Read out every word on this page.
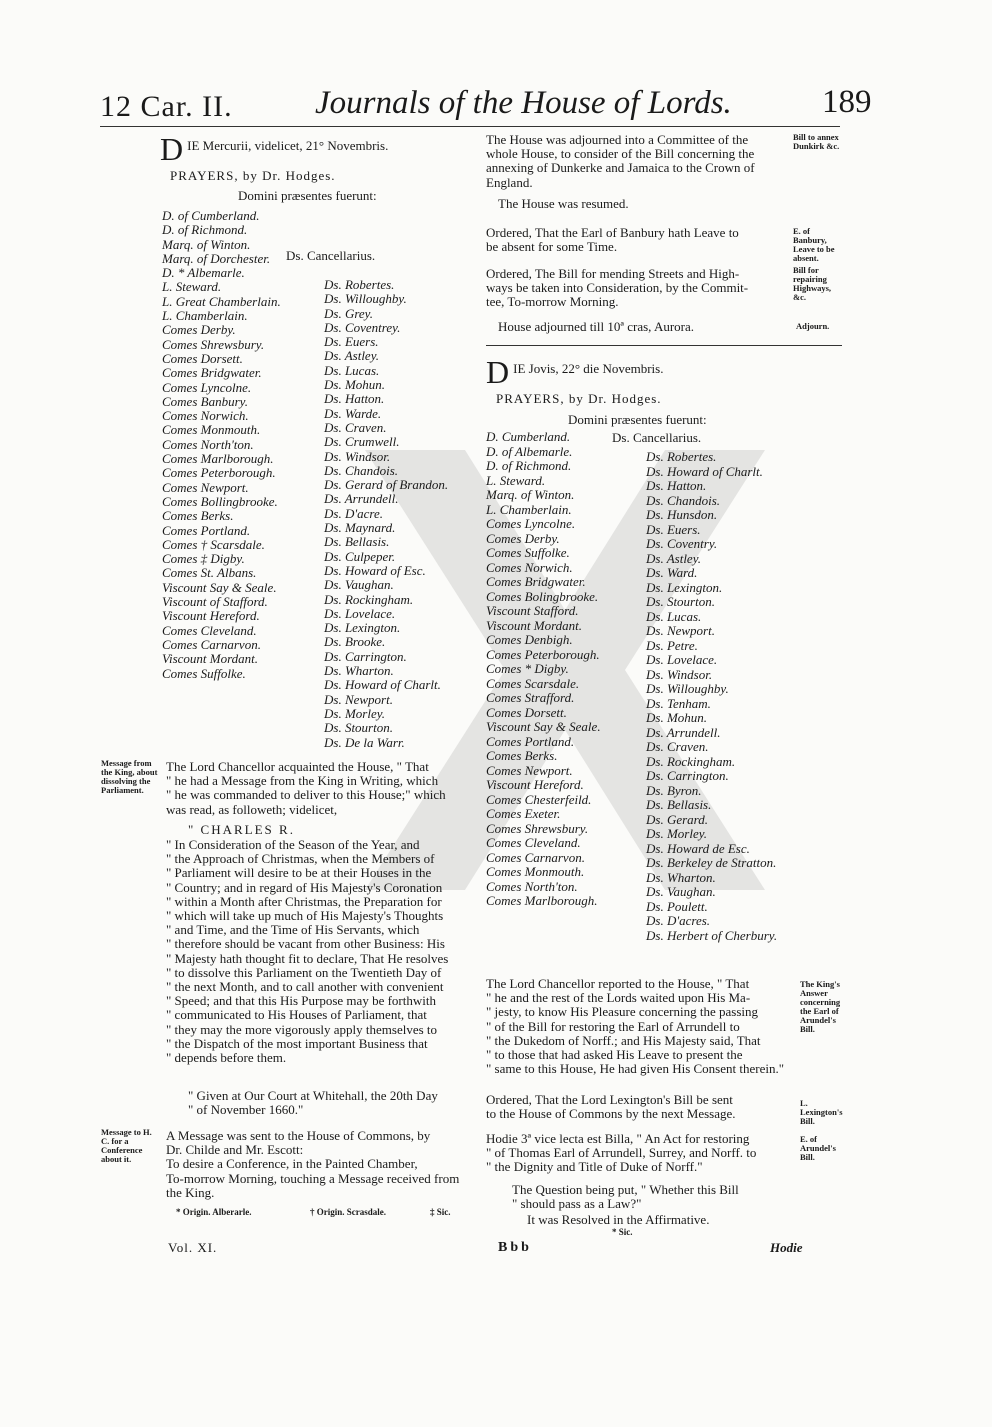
12 Car. II. Journals of the House of Lords.	189
D IE Mercurii, videlicet, 21° Novembris.
PRAYERS, by Dr. Hodges.
Domini præsentes fuerunt:
D. of Cumberland.
D. of Richmond.
Marq. of Winton.
Marq. of Dorchester.
D. * Albemarle.
L. Steward.
L. Great Chamberlain.
L. Chamberlain.
Comes Derby.
Comes Shrewsbury.
Comes Dorsett.
Comes Bridgwater.
Comes Lyncolne.
Comes Banbury.
Comes Norwich.
Comes Monmouth.
Comes North'ton.
Comes Marlborough.
Comes Peterborough.
Comes Newport.
Comes Bollingbrooke.
Comes Berks.
Comes Portland.
Comes † Scarsdale.
Comes ‡ Digby.
Comes St. Albans.
Viscount Say & Seale.
Viscount of Stafford.
Viscount Hereford.
Comes Cleveland.
Comes Carnarvon.
Viscount Mordant.
Comes Suffolke.
Ds. Cancellarius.
Ds. Robertes.
Ds. Willoughby.
Ds. Grey.
Ds. Coventrey.
Ds. Euers.
Ds. Astley.
Ds. Lucas.
Ds. Mohun.
Ds. Hatton.
Ds. Warde.
Ds. Craven.
Ds. Crumwell.
Ds. Windsor.
Ds. Chandois.
Ds. Gerard of Brandon.
Ds. Arrundell.
Ds. D'acre.
Ds. Maynard.
Ds. Bellasis.
Ds. Culpeper.
Ds. Howard of Esc.
Ds. Vaughan.
Ds. Rockingham.
Ds. Lovelace.
Ds. Lexington.
Ds. Brooke.
Ds. Carrington.
Ds. Wharton.
Ds. Howard of Charlt.
Ds. Newport.
Ds. Morley.
Ds. Stourton.
Ds. De la Warr.
Message from the King, about dissolving the Parliament.
The Lord Chancellor acquainted the House, " That
" he had a Message from the King in Writing, which
" he was commanded to deliver to this House;" which
was read, as followeth; videlicet,
" CHARLES R.
" In Consideration of the Season of the Year, and
" the Approach of Christmas, when the Members of
" Parliament will desire to be at their Houses in the
" Country; and in regard of His Majesty's Coronation
" within a Month after Christmas, the Preparation for
" which will take up much of His Majesty's Thoughts
" and Time, and the Time of His Servants, which
" therefore should be vacant from other Business: His
" Majesty hath thought fit to declare, That He resolves
" to dissolve this Parliament on the Twentieth Day of
" the next Month, and to call another with convenient
" Speed; and that this His Purpose may be forthwith
" communicated to His Houses of Parliament, that
" they may the more vigorously apply themselves to
" the Dispatch of the most important Business that
" depends before them.
" Given at Our Court at Whitehall, the 20th Day
" of November 1660."
Message to H. C. for a Conference about it.
A Message was sent to the House of Commons, by
Dr. Childe and Mr. Escott:
To desire a Conference, in the Painted Chamber,
To-morrow Morning, touching a Message received from
the King.
* Origin. Alberarle.	† Origin. Scrasdale.	‡ Sic.
Vol. XI.
The House was adjourned into a Committee of the
whole House, to consider of the Bill concerning the
annexing of Dunkerke and Jamaica to the Crown of
England.
Bill to annex Dunkirk &c.
The House was resumed.
Ordered, That the Earl of Banbury hath Leave to
be absent for some Time.
E. of Banbury, Leave to be absent.
Ordered, The Bill for mending Streets and High-
ways be taken into Consideration, by the Commit-
tee, To-morrow Morning.
Bill for repairing Highways, &c.
House adjourned till 10ª cras, Aurora.	Adjourn.
D IE Jovis, 22° die Novembris.
PRAYERS, by Dr. Hodges.
Domini præsentes fuerunt:
Ds. Cancellarius.
D. Cumberland.
D. of Albemarle.
D. of Richmond.
L. Steward.
Marq. of Winton.
L. Chamberlain.
Comes Lyncolne.
Comes Derby.
Comes Suffolke.
Comes Norwich.
Comes Bridgwater.
Comes Bolingbrooke.
Viscount Stafford.
Viscount Mordant.
Comes Denbigh.
Comes Peterborough.
Comes * Digby.
Comes Scarsdale.
Comes Strafford.
Comes Dorsett.
Viscount Say & Seale.
Comes Portland.
Comes Berks.
Comes Newport.
Viscount Hereford.
Comes Chesterfeild.
Comes Exeter.
Comes Shrewsbury.
Comes Cleveland.
Comes Carnarvon.
Comes Monmouth.
Comes North'ton.
Comes Marlborough.
Ds. Robertes.
Ds. Howard of Charlt.
Ds. Hatton.
Ds. Chandois.
Ds. Hunsdon.
Ds. Euers.
Ds. Coventry.
Ds. Astley.
Ds. Ward.
Ds. Lexington.
Ds. Stourton.
Ds. Lucas.
Ds. Newport.
Ds. Petre.
Ds. Lovelace.
Ds. Windsor.
Ds. Willoughby.
Ds. Tenham.
Ds. Mohun.
Ds. Arrundell.
Ds. Craven.
Ds. Rockingham.
Ds. Carrington.
Ds. Byron.
Ds. Bellasis.
Ds. Gerard.
Ds. Morley.
Ds. Howard de Esc.
Ds. Berkeley de Stratton.
Ds. Wharton.
Ds. Vaughan.
Ds. Poulett.
Ds. D'acres.
Ds. Herbert of Cherbury.
The Lord Chancellor reported to the House, " That
" he and the rest of the Lords waited upon His Ma-
" jesty, to know His Pleasure concerning the passing
" of the Bill for restoring the Earl of Arrundell to
" the Dukedom of Norff.; and His Majesty said, That
" to those that had asked His Leave to present the
" same to this House, He had given His Consent therein."
The King's Answer concerning the Earl of Arundel's Bill.
Ordered, That the Lord Lexington's Bill be sent
to the House of Commons by the next Message.
L. Lexington's Bill.
Hodie 3ª vice lecta est Billa, " An Act for restoring
" of Thomas Earl of Arrundell, Surrey, and Norff. to
" the Dignity and Title of Duke of Norff."
E. of Arundel's Bill.
The Question being put, " Whether this Bill
" should pass as a Law?"
It was Resolved in the Affirmative.
* Sic.
Bbb	Hodie
